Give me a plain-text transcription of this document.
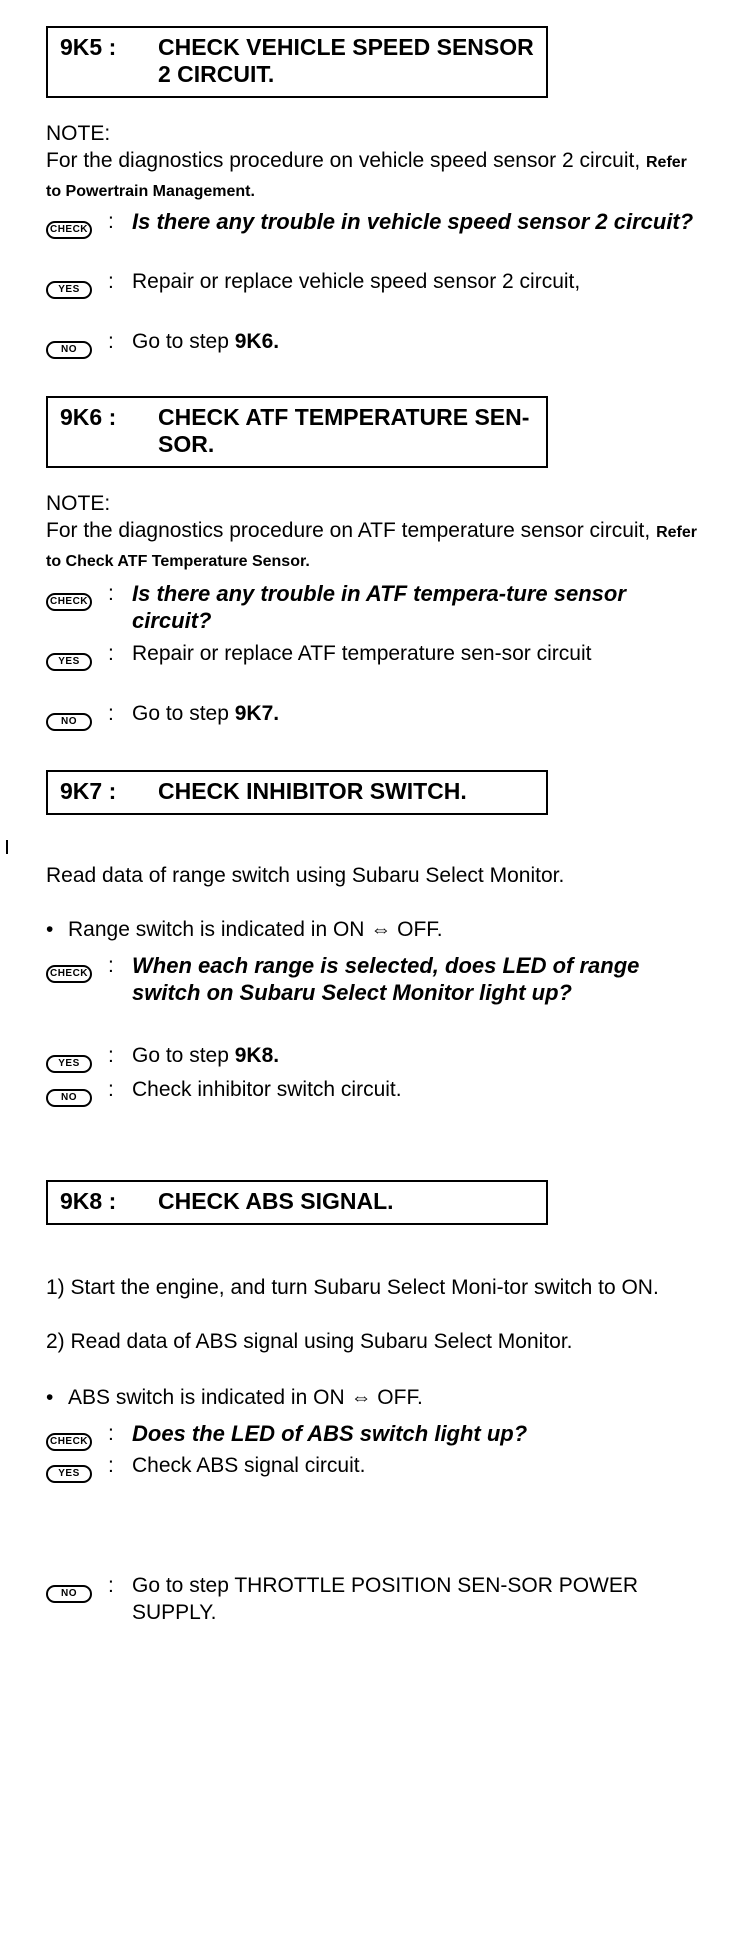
9K5 :	CHECK VEHICLE SPEED SENSOR 2 CIRCUIT.
NOTE:
For the diagnostics procedure on vehicle speed sensor 2 circuit, Refer to Powertrain Management.
CHECK : Is there any trouble in vehicle speed sensor 2 circuit?
YES	: Repair or replace vehicle speed sensor 2 circuit,
NO	: Go to step 9K6.
9K6 :	CHECK ATF TEMPERATURE SEN-SOR.
NOTE:
For the diagnostics procedure on ATF temperature sensor circuit, Refer to Check ATF Temperature Sensor.
CHECK : Is there any trouble in ATF tempera-ture sensor circuit?
YES	: Repair or replace ATF temperature sen-sor circuit
NO	: Go to step 9K7.
9K7 :	CHECK INHIBITOR SWITCH.
Read data of range switch using Subaru Select Monitor.
• Range switch is indicated in ON ⇔ OFF.
CHECK : When each range is selected, does LED of range switch on Subaru Select Monitor light up?
YES	: Go to step 9K8.
NO	: Check inhibitor switch circuit.
9K8 :	CHECK ABS SIGNAL.
1) Start the engine, and turn Subaru Select Moni-tor switch to ON.
2) Read data of ABS signal using Subaru Select Monitor.
• ABS switch is indicated in ON ⇔ OFF.
CHECK : Does the LED of ABS switch light up?
YES	: Check ABS signal circuit.
NO	: Go to step THROTTLE POSITION SEN-SOR POWER SUPPLY.
